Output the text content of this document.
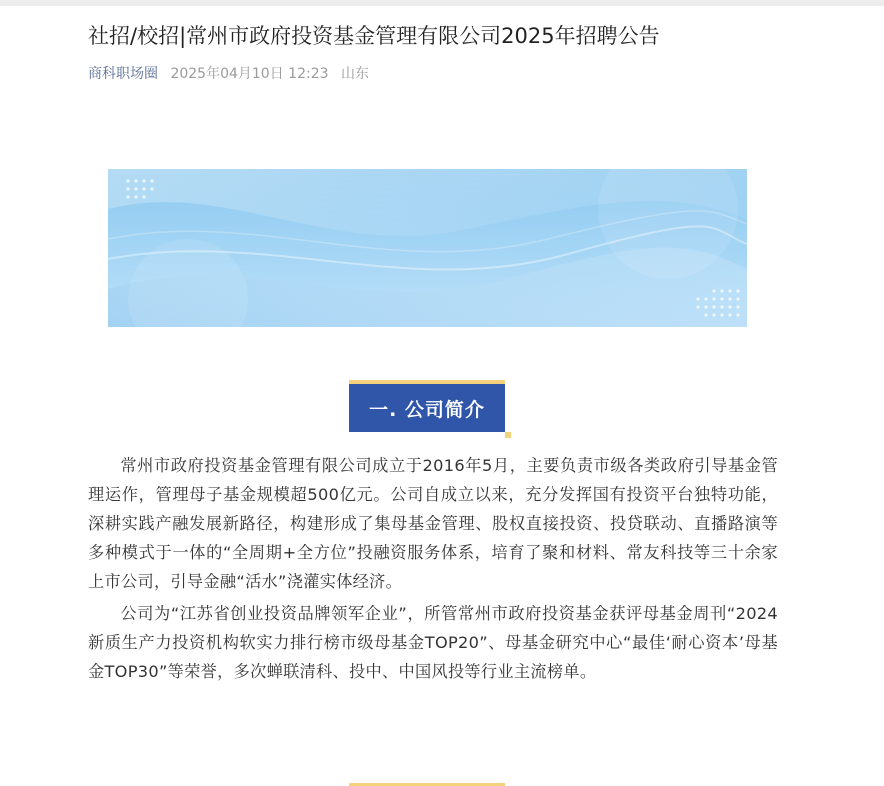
社招/校招|常州市政府投资基金管理有限公司2025年招聘公告
商科职场圈 2025年04月10日 12:23 山东
一. 公司简介

常州市政府投资基金管理有限公司成立于2016年5月，主要负责市级各类政府引导基金管理运作，管理母子基金规模超500亿元。公司自成立以来，充分发挥国有投资平台独特功能，深耕实践产融发展新路径，构建形成了集母基金管理、股权直接投资、投贷联动、直播路演等多种模式于一体的“全周期+全方位”投融资服务体系，培育了聚和材料、常友科技等三十余家上市公司，引导金融“活水”浇灌实体经济。

公司为“江苏省创业投资品牌领军企业”，所管常州市政府投资基金获评母基金周刊“2024新质生产力投资机构软实力排行榜市级母基金TOP20”、母基金研究中心“最佳‘耐心资本’母基金TOP30”等荣誉，多次蝉联清科、投中、中国风投等行业主流榜单。
